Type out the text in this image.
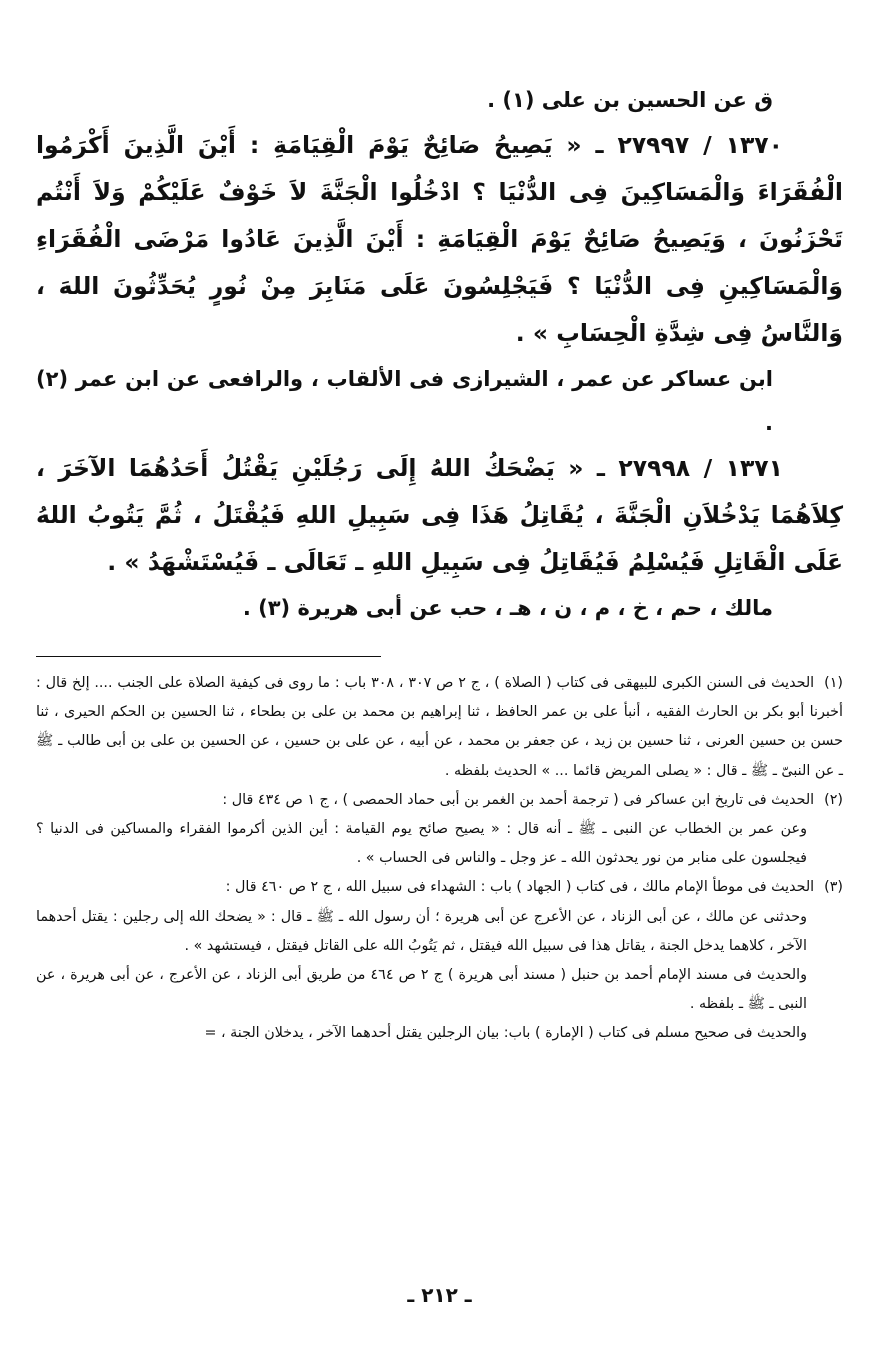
ق عن الحسين بن على (١) .

١٣٧٠ / ٢٧٩٩٧ ـ « يَصِيحُ صَائِحٌ يَوْمَ الْقِيَامَةِ : أَيْنَ الَّذِينَ أَكْرَمُوا الْفُقَرَاءَ وَالْمَسَاكِينَ فِى الدُّنْيَا ؟ ادْخُلُوا الْجَنَّةَ لاَ خَوْفٌ عَلَيْكُمْ وَلاَ أَنْتُم تَحْزَنُونَ ، وَيَصِيحُ صَائِحٌ يَوْمَ الْقِيَامَةِ : أَيْنَ الَّذِينَ عَادُوا مَرْضَى الْفُقَرَاءِ وَالْمَسَاكِينِ فِى الدُّنْيَا ؟ فَيَجْلِسُونَ عَلَى مَنَابِرَ مِنْ نُورٍ يُحَدِّثُونَ اللهَ ، وَالنَّاسُ فِى شِدَّةِ الْحِسَابِ » .

ابن عساكر عن عمر ، الشيرازى فى الألقاب ، والرافعى عن ابن عمر (٢) .

١٣٧١ / ٢٧٩٩٨ ـ « يَضْحَكُ اللهُ إِلَى رَجُلَيْنِ يَقْتُلُ أَحَدُهُمَا الآخَرَ ، كِلاَهُمَا يَدْخُلاَنِ الْجَنَّةَ ، يُقَاتِلُ هَذَا فِى سَبِيلِ اللهِ فَيُقْتَلُ ، ثُمَّ يَتُوبُ اللهُ عَلَى الْقَاتِلِ فَيُسْلِمُ فَيُقَاتِلُ فِى سَبِيلِ اللهِ ـ تَعَالَى ـ فَيُسْتَشْهَدُ » .

مالك ، حم ، خ ، م ، ن ، هـ ، حب عن أبى هريرة (٣) .

(١)الحديث فى السنن الكبرى للبيهقى فى كتاب ( الصلاة ) ، ج ٢ ص ٣٠٧ ، ٣٠٨ باب : ما روى فى كيفية الصلاة على الجنب .... إلخ قال : أخبرنا أبو بكر بن الحارث الفقيه ، أنبأ على بن عمر الحافظ ، ثنا إبراهيم بن محمد بن على بن بطحاء ، ثنا الحسين بن الحكم الحيرى ، ثنا حسن بن حسين العرنى ، ثنا حسين بن زيد ، عن جعفر بن محمد ، عن أبيه ، عن على بن حسين ، عن الحسين بن على بن أبى طالب ـ ﷺ ـ عن النبىّ ـ ﷺ ـ قال : « يصلى المريض قائما ... » الحديث بلفظه .

(٢)الحديث فى تاريخ ابن عساكر فى ( ترجمة أحمد بن الغمر بن أبى حماد الحمصى ) ، ج ١ ص ٤٣٤ قال :

وعن عمر بن الخطاب عن النبى ـ ﷺ ـ أنه قال : « يصيح صائح يوم القيامة : أين الذين أكرموا الفقراء والمساكين فى الدنيا ؟ فيجلسون على منابر من نور يحدثون الله ـ عز وجل ـ والناس فى الحساب » .

(٣)الحديث فى موطأ الإمام مالك ، فى كتاب ( الجهاد ) باب : الشهداء فى سبيل الله ، ج ٢ ص ٤٦٠ قال :

وحدثنى عن مالك ، عن أبى الزناد ، عن الأعرج عن أبى هريرة ؛ أن رسول الله ـ ﷺ ـ قال : « يضحك الله إلى رجلين : يقتل أحدهما الآخر ، كلاهما يدخل الجنة ، يقاتل هذا فى سبيل الله فيقتل ، ثم يَتُوبُ الله على القاتل فيقتل ، فيستشهد » .

والحديث فى مسند الإمام أحمد بن حنبل ( مسند أبى هريرة ) ج ٢ ص ٤٦٤ من طريق أبى الزناد ، عن الأعرج ، عن أبى هريرة ، عن النبى ـ ﷺ ـ بلفظه .

والحديث فى صحيح مسلم فى كتاب ( الإمارة ) باب: بيان الرجلين يقتل أحدهما الآخر ، يدخلان الجنة ، =

ـ ٢١٢ ـ
